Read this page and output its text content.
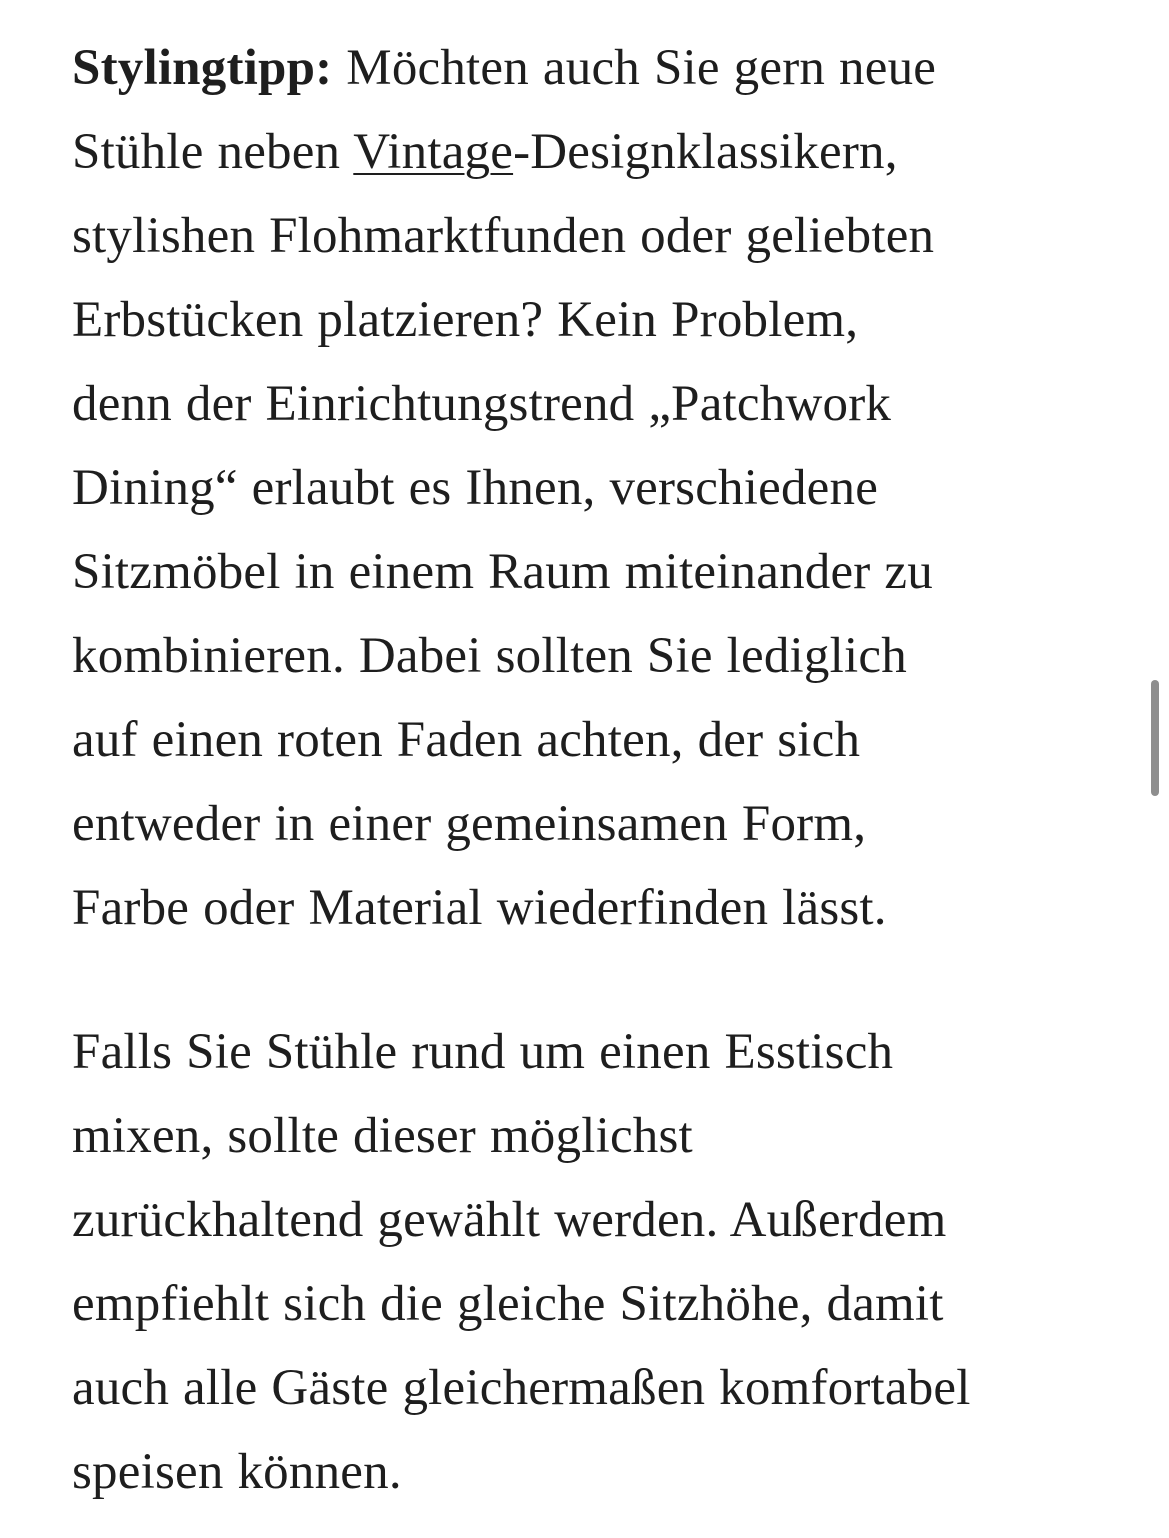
Stylingtipp: Möchten auch Sie gern neue
Stühle neben Vintage-Designklassikern,
stylishen Flohmarktfunden oder geliebten
Erbstücken platzieren? Kein Problem,
denn der Einrichtungstrend „Patchwork
Dining“ erlaubt es Ihnen, verschiedene
Sitzmöbel in einem Raum miteinander zu
kombinieren. Dabei sollten Sie lediglich
auf einen roten Faden achten, der sich
entweder in einer gemeinsamen Form,
Farbe oder Material wiederfinden lässt.

Falls Sie Stühle rund um einen Esstisch
mixen, sollte dieser möglichst
zurückhaltend gewählt werden. Außerdem
empfiehlt sich die gleiche Sitzhöhe, damit
auch alle Gäste gleichermaßen komfortabel
speisen können.
